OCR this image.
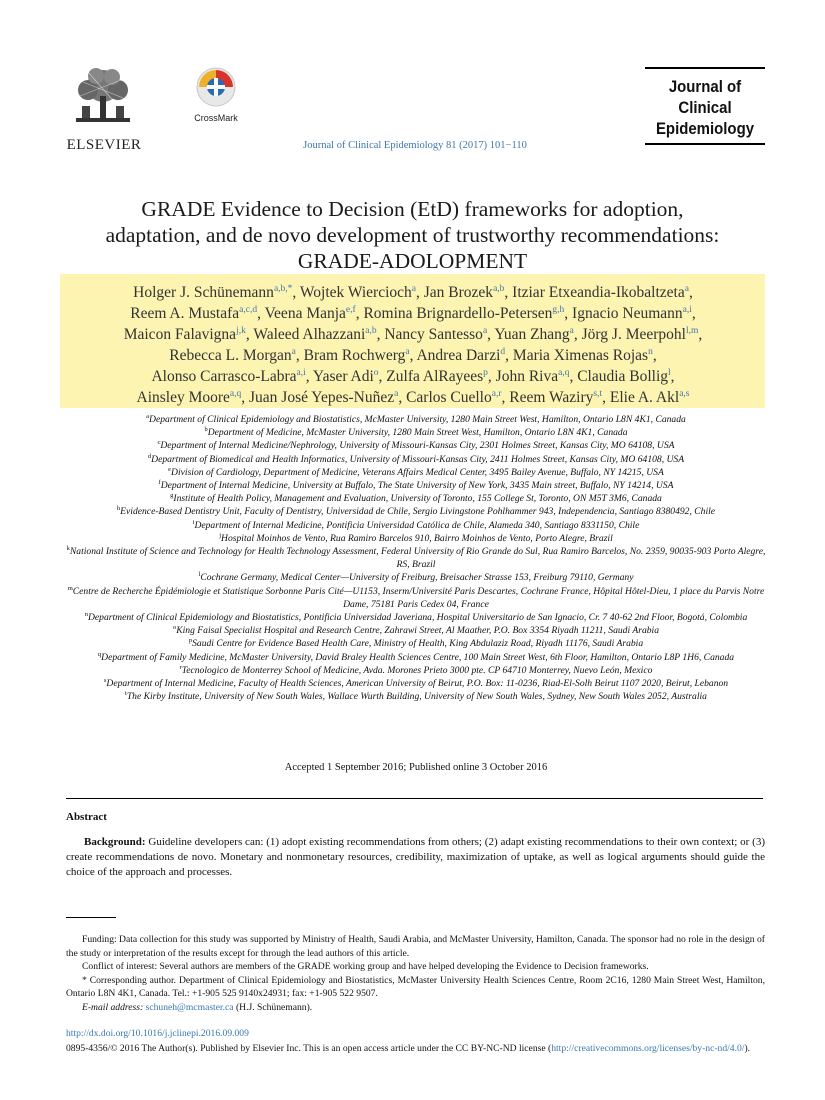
ELSEVIER
CrossMark
Journal of Clinical Epidemiology 81 (2017) 101−110
Journal of
Clinical
Epidemiology
GRADE Evidence to Decision (EtD) frameworks for adoption,
adaptation, and de novo development of trustworthy recommendations:
GRADE-ADOLOPMENT
Holger J. Schünemann$^{a,b,*}$, Wojtek Wiercioch$^a$, Jan Brozek$^{a,b}$, Itziar Etxeandia-Ikobaltzeta$^a$,
Reem A. Mustafa$^{a,c,d}$, Veena Manja$^{e,f}$, Romina Brignardello-Petersen$^{g,h}$, Ignacio Neumann$^{a,i}$,
Maicon Falavigna$^{j,k}$, Waleed Alhazzani$^{a,b}$, Nancy Santesso$^a$, Yuan Zhang$^a$, Jörg J. Meerpohl$^{l,m}$,
Rebecca L. Morgan$^a$, Bram Rochwerg$^a$, Andrea Darzi$^d$, Maria Ximenas Rojas$^n$,
Alonso Carrasco-Labra$^{a,i}$, Yaser Adi$^o$, Zulfa AlRayees$^p$, John Riva$^{a,q}$, Claudia Bollig$^l$,
Ainsley Moore$^{a,q}$, Juan José Yepes-Nuñez$^a$, Carlos Cuello$^{a,r}$, Reem Waziry$^{s,t}$, Elie A. Akl$^{a,s}$
$^a$Department of Clinical Epidemiology and Biostatistics, McMaster University, 1280 Main Street West, Hamilton, Ontario L8N 4K1, Canada
$^b$Department of Medicine, McMaster University, 1280 Main Street West, Hamilton, Ontario L8N 4K1, Canada
$^c$Department of Internal Medicine/Nephrology, University of Missouri-Kansas City, 2301 Holmes Street, Kansas City, MO 64108, USA
$^d$Department of Biomedical and Health Informatics, University of Missouri-Kansas City, 2411 Holmes Street, Kansas City, MO 64108, USA
$^e$Division of Cardiology, Department of Medicine, Veterans Affairs Medical Center, 3495 Bailey Avenue, Buffalo, NY 14215, USA
$^f$Department of Internal Medicine, University at Buffalo, The State University of New York, 3435 Main street, Buffalo, NY 14214, USA
$^g$Institute of Health Policy, Management and Evaluation, University of Toronto, 155 College St, Toronto, ON M5T 3M6, Canada
$^h$Evidence-Based Dentistry Unit, Faculty of Dentistry, Universidad de Chile, Sergio Livingstone Pohlhammer 943, Independencia, Santiago 8380492, Chile
$^i$Department of Internal Medicine, Pontificia Universidad Católica de Chile, Alameda 340, Santiago 8331150, Chile
$^j$Hospital Moinhos de Vento, Rua Ramiro Barcelos 910, Bairro Moinhos de Vento, Porto Alegre, Brazil
$^k$National Institute of Science and Technology for Health Technology Assessment, Federal University of Rio Grande do Sul, Rua Ramiro Barcelos, No. 2359, 90035-903 Porto Alegre, RS, Brazil
$^l$Cochrane Germany, Medical Center—University of Freiburg, Breisacher Strasse 153, Freiburg 79110, Germany
$^m$Centre de Recherche Épidémiologie et Statistique Sorbonne Paris Cité—U1153, Inserm/Université Paris Descartes, Cochrane France, Hôpital Hôtel-Dieu, 1 place du Parvis Notre Dame, 75181 Paris Cedex 04, France
$^n$Department of Clinical Epidemiology and Biostatistics, Pontificia Universidad Javeriana, Hospital Universitario de San Ignacio, Cr. 7 40-62 2nd Floor, Bogotá, Colombia
$^o$King Faisal Specialist Hospital and Research Centre, Zahrawi Street, Al Maather, P.O. Box 3354 Riyadh 11211, Saudi Arabia
$^p$Saudi Centre for Evidence Based Health Care, Ministry of Health, King Abdulaziz Road, Riyadh 11176, Saudi Arabia
$^q$Department of Family Medicine, McMaster University, David Braley Health Sciences Centre, 100 Main Street West, 6th Floor, Hamilton, Ontario L8P 1H6, Canada
$^r$Tecnologico de Monterrey School of Medicine, Avda. Morones Prieto 3000 pte. CP 64710 Monterrey, Nuevo León, Mexico
$^s$Department of Internal Medicine, Faculty of Health Sciences, American University of Beirut, P.O. Box: 11-0236, Riad-El-Solh Beirut 1107 2020, Beirut, Lebanon
$^t$The Kirby Institute, University of New South Wales, Wallace Wurth Building, University of New South Wales, Sydney, New South Wales 2052, Australia
Accepted 1 September 2016; Published online 3 October 2016
Abstract
Background: Guideline developers can: (1) adopt existing recommendations from others; (2) adapt existing recommendations to their own context; or (3) create recommendations de novo. Monetary and nonmonetary resources, credibility, maximization of uptake, as well as logical arguments should guide the choice of the approach and processes.

Funding: Data collection for this study was supported by Ministry of Health, Saudi Arabia, and McMaster University, Hamilton, Canada. The sponsor had no role in the design of the study or interpretation of the results except for through the lead authors of this article.

Conflict of interest: Several authors are members of the GRADE working group and have helped developing the Evidence to Decision frameworks.

* Corresponding author. Department of Clinical Epidemiology and Biostatistics, McMaster University Health Sciences Centre, Room 2C16, 1280 Main Street West, Hamilton, Ontario L8N 4K1, Canada. Tel.: +1-905 525 9140x24931; fax: +1-905 522 9507.

E-mail address: schuneh@mcmaster.ca (H.J. Schünemann).

http://dx.doi.org/10.1016/j.jclinepi.2016.09.009
0895-4356/© 2016 The Author(s). Published by Elsevier Inc. This is an open access article under the CC BY-NC-ND license (http://creativecommons.org/licenses/by-nc-nd/4.0/).
